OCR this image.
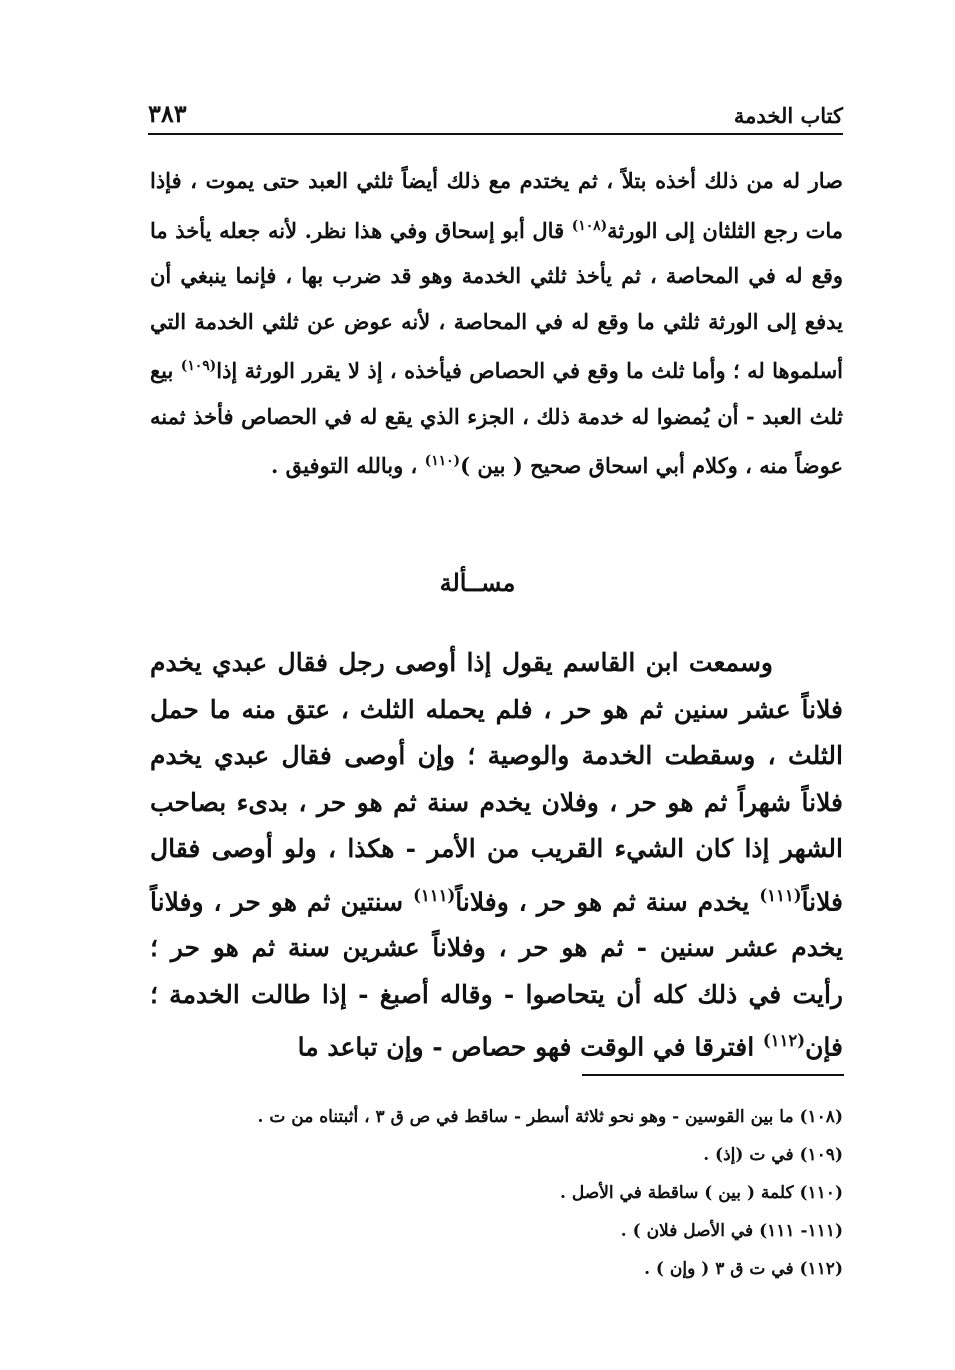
كتاب الخدمة
٣٨٣
صار له من ذلك أخذه بتلاً ، ثم يختدم مع ذلك أيضاً ثلثي العبد حتى يموت ، فإذا مات رجع الثلثان إلى الورثة$^{(١٠٨)}$ قال أبو إسحاق وفي هذا نظر. لأنه جعله يأخذ ما وقع له في المحاصة ، ثم يأخذ ثلثي الخدمة وهو قد ضرب بها ، فإنما ينبغي أن يدفع إلى الورثة ثلثي ما وقع له في المحاصة ، لأنه عوض عن ثلثي الخدمة التي أسلموها له ؛ وأما ثلث ما وقع في الحصاص فيأخذه ، إذ لا يقرر الورثة إذا$^{(١٠٩)}$ بيع ثلث العبد - أن يُمضوا له خدمة ذلك ، الجزء الذي يقع له في الحصاص فأخذ ثمنه عوضاً منه ، وكلام أبي اسحاق صحيح ( بين )$^{(١١٠)}$ ، وبالله التوفيق .
مســألة
وسمعت ابن القاسم يقول إذا أوصى رجل فقال عبدي يخدم فلاناً عشر سنين ثم هو حر ، فلم يحمله الثلث ، عتق منه ما حمل الثلث ، وسقطت الخدمة والوصية ؛ وإن أوصى فقال عبدي يخدم فلاناً شهراً ثم هو حر ، وفلان يخدم سنة ثم هو حر ، بدىء بصاحب الشهر إذا كان الشيء القريب من الأمر - هكذا ، ولو أوصى فقال فلاناً$^{(١١١)}$ يخدم سنة ثم هو حر ، وفلاناً$^{(١١١)}$ سنتين ثم هو حر ، وفلاناً يخدم عشر سنين - ثم هو حر ، وفلاناً عشرين سنة ثم هو حر ؛ رأيت في ذلك كله أن يتحاصوا - وقاله أصبغ - إذا طالت الخدمة ؛ فإن$^{(١١٢)}$ افترقا في الوقت فهو حصاص - وإن تباعد ما
(١٠٨) ما بين القوسين - وهو نحو ثلاثة أسطر - ساقط في ص ق ٣ ، أثبتناه من ت .
(١٠٩) في ت (إذ) .
(١١٠) كلمة ( بين ) ساقطة في الأصل .
(١١١- ١١١) في الأصل فلان ) .
(١١٢) في ت ق ٣ ( وإن ) .
